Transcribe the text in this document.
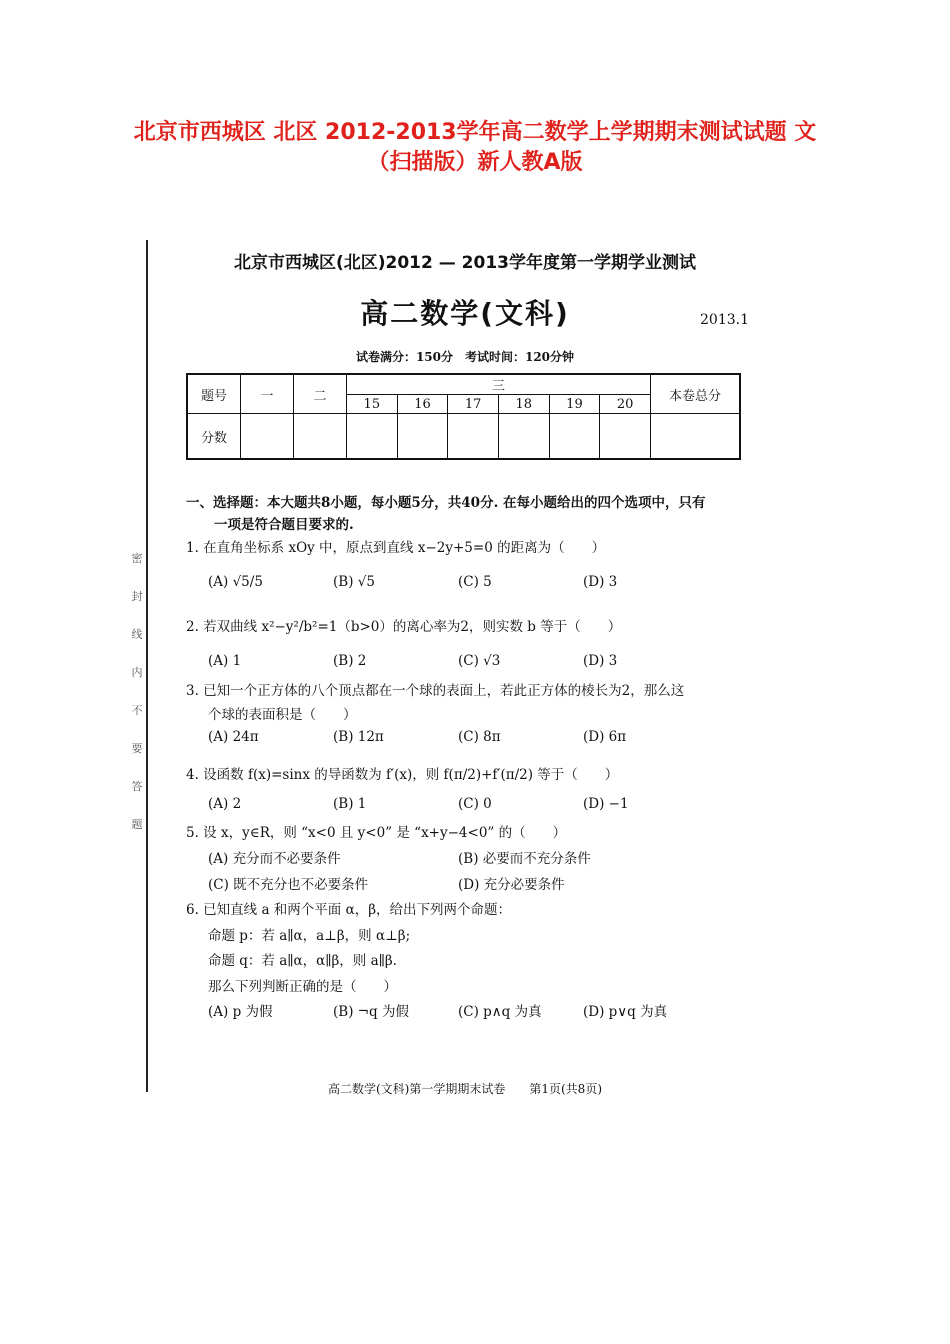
北京市西城区 北区 2012-2013学年高二数学上学期期末测试试题 文
（扫描版）新人教A版
密
封
线
内
不
要
答
题
北京市西城区(北区)2012 — 2013学年度第一学期学业测试
高二数学(文科)	2013.1
试卷满分：150分　考试时间：120分钟
题号	一	二	三						本卷总分
			15	16	17	18	19	20	
分数									
一、选择题：本大题共8小题，每小题5分，共40分. 在每小题给出的四个选项中，只有
一项是符合题目要求的.
1. 在直角坐标系 xOy 中，原点到直线 x−2y+5=0 的距离为（　　）
(A) √5/5	(B) √5	(C) 5	(D) 3
2. 若双曲线 x²−y²/b²=1（b>0）的离心率为2，则实数 b 等于（　　）
(A) 1	(B) 2	(C) √3	(D) 3
3. 已知一个正方体的八个顶点都在一个球的表面上，若此正方体的棱长为2，那么这
个球的表面积是（　　）
(A) 24π	(B) 12π	(C) 8π	(D) 6π
4. 设函数 f(x)=sinx 的导函数为 f′(x)，则 f(π/2)+f′(π/2) 等于（　　）
(A) 2	(B) 1	(C) 0	(D) −1
5. 设 x，y∈R，则 “x<0 且 y<0” 是 “x+y−4<0” 的（　　）
(A) 充分而不必要条件	(B) 必要而不充分条件
(C) 既不充分也不必要条件	(D) 充分必要条件
6. 已知直线 a 和两个平面 α，β，给出下列两个命题：
命题 p：若 a∥α，a⊥β，则 α⊥β;
命题 q：若 a∥α，α∥β，则 a∥β.
那么下列判断正确的是（　　）
(A) p 为假	(B) ¬q 为假	(C) p∧q 为真	(D) p∨q 为真
高二数学(文科)第一学期期末试卷　　第1页(共8页)
